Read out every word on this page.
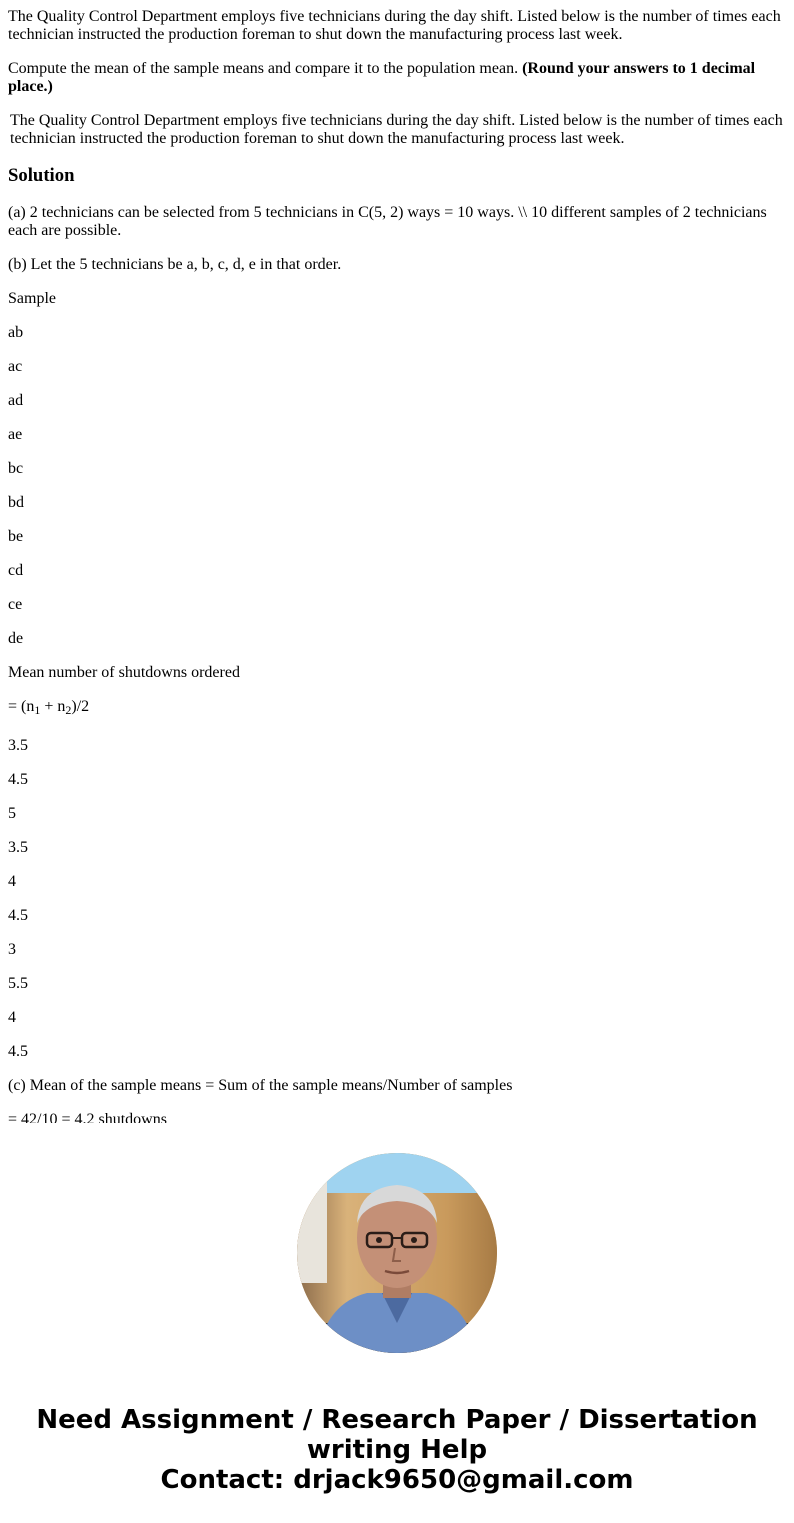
The Quality Control Department employs five technicians during the day shift. Listed below is the number of times each technician instructed the production foreman to shut down the manufacturing process last week.

Compute the mean of the sample means and compare it to the population mean. (Round your answers to 1 decimal place.)

The Quality Control Department employs five technicians during the day shift. Listed below is the number of times each technician instructed the production foreman to shut down the manufacturing process last week.
Solution

(a) 2 technicians can be selected from 5 technicians in C(5, 2) ways = 10 ways. \\ 10 different samples of 2 technicians each are possible.

(b) Let the 5 technicians be a, b, c, d, e in that order.

Sample

ab

ac

ad

ae

bc

bd

be

cd

ce

de

Mean number of shutdowns ordered

= $(n_1 + n_2)/2$

3.5

4.5

5

3.5

4

4.5

3

5.5

4

4.5

(c) Mean of the sample means = Sum of the sample means/Number of samples

= 42/10 = 4.2 shutdowns

Need Assignment / Research Paper / Dissertation
writing Help
Contact: drjack9650@gmail.com
